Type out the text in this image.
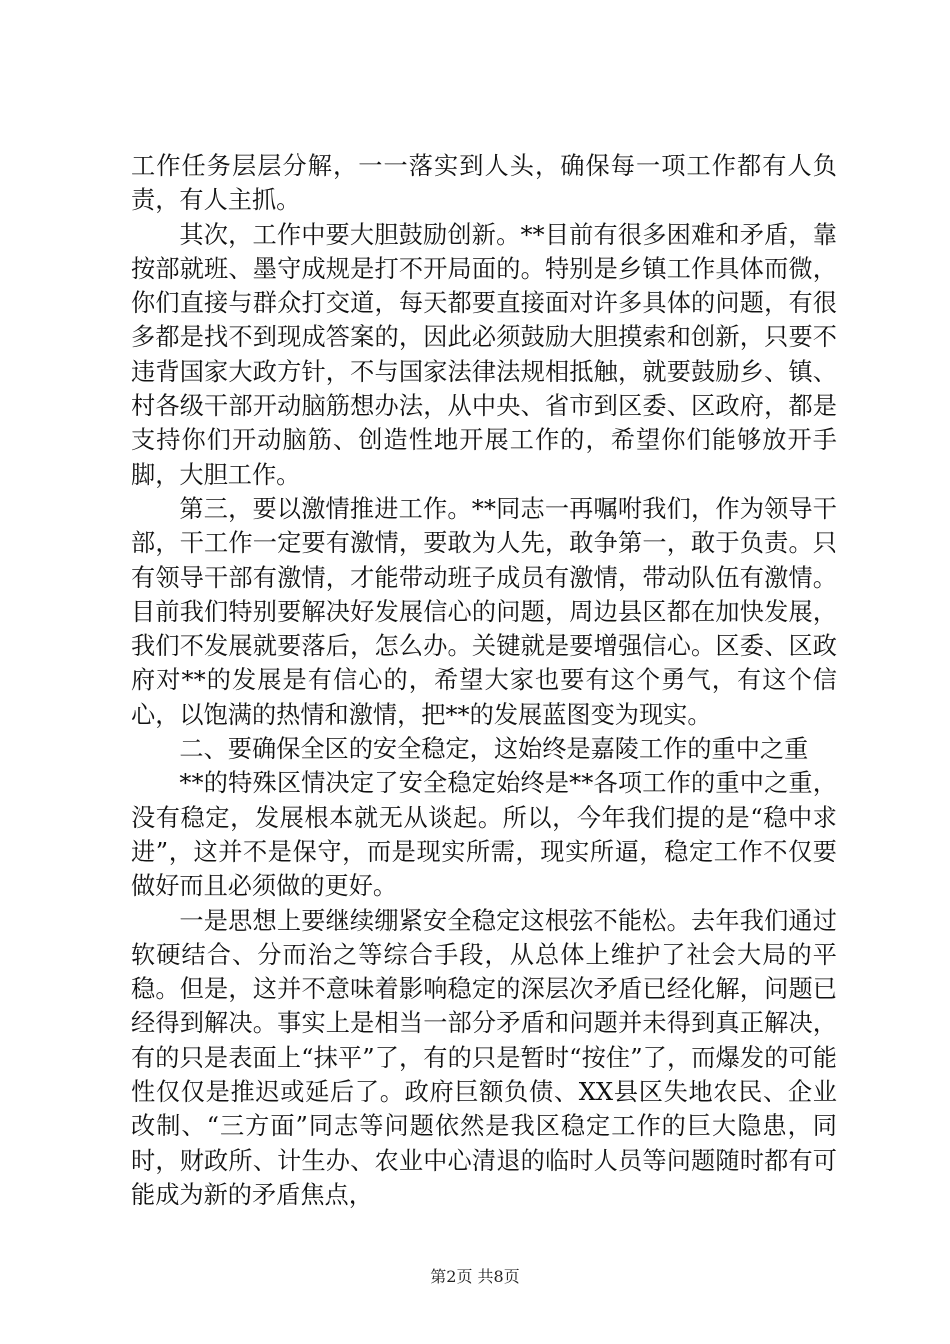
工作任务层层分解，一一落实到人头，确保每一项工作都有人负责，有人主抓。

其次，工作中要大胆鼓励创新。**目前有很多困难和矛盾，靠按部就班、墨守成规是打不开局面的。特别是乡镇工作具体而微，你们直接与群众打交道，每天都要直接面对许多具体的问题，有很多都是找不到现成答案的，因此必须鼓励大胆摸索和创新，只要不违背国家大政方针，不与国家法律法规相抵触，就要鼓励乡、镇、村各级干部开动脑筋想办法，从中央、省市到区委、区政府，都是支持你们开动脑筋、创造性地开展工作的，希望你们能够放开手脚，大胆工作。

第三，要以激情推进工作。**同志一再嘱咐我们，作为领导干部，干工作一定要有激情，要敢为人先，敢争第一，敢于负责。只有领导干部有激情，才能带动班子成员有激情，带动队伍有激情。目前我们特别要解决好发展信心的问题，周边县区都在加快发展，我们不发展就要落后，怎么办。关键就是要增强信心。区委、区政府对**的发展是有信心的，希望大家也要有这个勇气，有这个信心，以饱满的热情和激情，把**的发展蓝图变为现实。

二、要确保全区的安全稳定，这始终是嘉陵工作的重中之重

**的特殊区情决定了安全稳定始终是**各项工作的重中之重，没有稳定，发展根本就无从谈起。所以，今年我们提的是“稳中求进”，这并不是保守，而是现实所需，现实所逼，稳定工作不仅要做好而且必须做的更好。

一是思想上要继续绷紧安全稳定这根弦不能松。去年我们通过软硬结合、分而治之等综合手段，从总体上维护了社会大局的平稳。但是，这并不意味着影响稳定的深层次矛盾已经化解，问题已经得到解决。事实上是相当一部分矛盾和问题并未得到真正解决，有的只是表面上“抹平”了，有的只是暂时“按住”了，而爆发的可能性仅仅是推迟或延后了。政府巨额负债、XX县区失地农民、企业改制、“三方面”同志等问题依然是我区稳定工作的巨大隐患，同时，财政所、计生办、农业中心清退的临时人员等问题随时都有可能成为新的矛盾焦点，

第2页 共8页
